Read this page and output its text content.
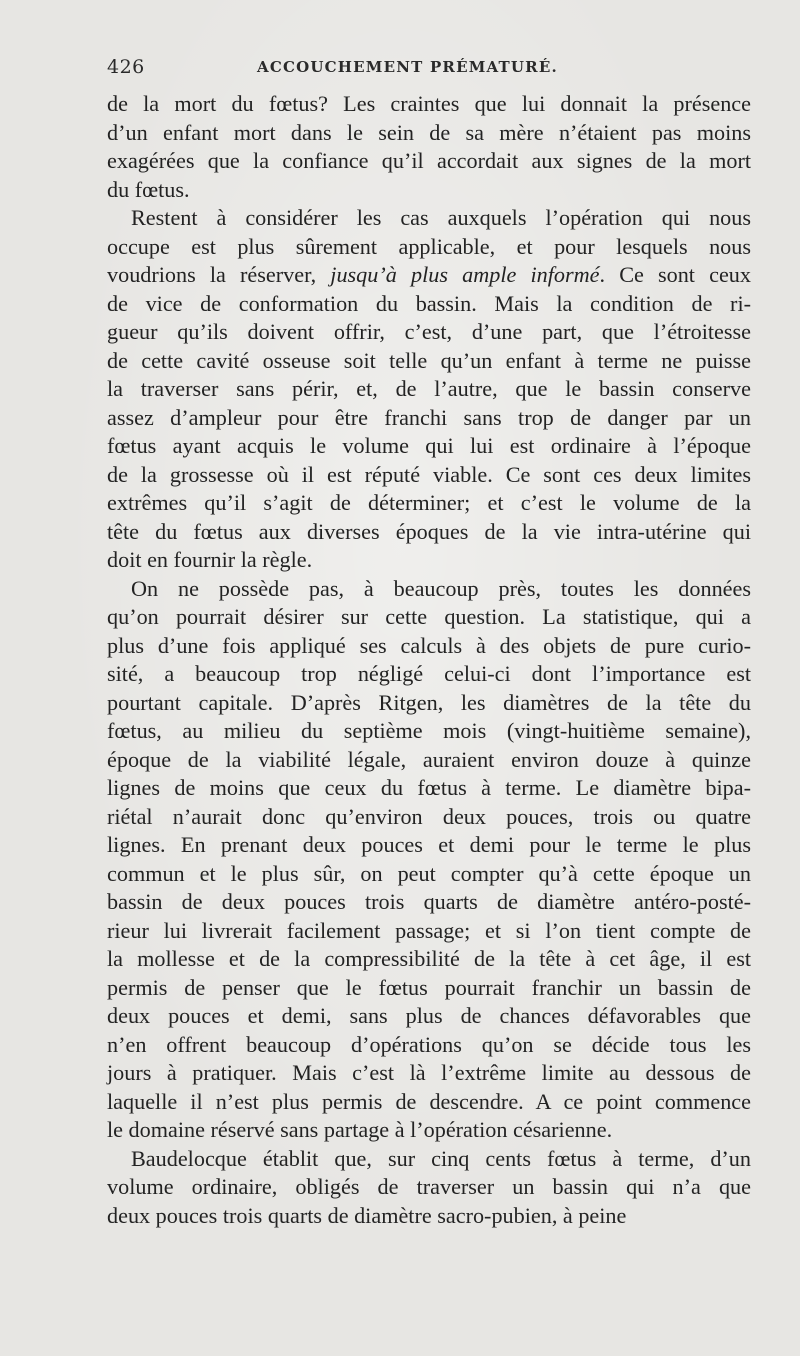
426	ACCOUCHEMENT PRÉMATURÉ.
de la mort du fœtus? Les craintes que lui donnait la présence
d’un enfant mort dans le sein de sa mère n’étaient pas moins
exagérées que la confiance qu’il accordait aux signes de la mort
du fœtus.
Restent à considérer les cas auxquels l’opération qui nous
occupe est plus sûrement applicable, et pour lesquels nous
voudrions la réserver, jusqu’à plus ample informé. Ce sont ceux
de vice de conformation du bassin. Mais la condition de ri-
gueur qu’ils doivent offrir, c’est, d’une part, que l’étroitesse
de cette cavité osseuse soit telle qu’un enfant à terme ne puisse
la traverser sans périr, et, de l’autre, que le bassin conserve
assez d’ampleur pour être franchi sans trop de danger par un
fœtus ayant acquis le volume qui lui est ordinaire à l’époque
de la grossesse où il est réputé viable. Ce sont ces deux limites
extrêmes qu’il s’agit de déterminer; et c’est le volume de la
tête du fœtus aux diverses époques de la vie intra-utérine qui
doit en fournir la règle.
On ne possède pas, à beaucoup près, toutes les données
qu’on pourrait désirer sur cette question. La statistique, qui a
plus d’une fois appliqué ses calculs à des objets de pure curio-
sité, a beaucoup trop négligé celui-ci dont l’importance est
pourtant capitale. D’après Ritgen, les diamètres de la tête du
fœtus, au milieu du septième mois (vingt-huitième semaine),
époque de la viabilité légale, auraient environ douze à quinze
lignes de moins que ceux du fœtus à terme. Le diamètre bipa-
riétal n’aurait donc qu’environ deux pouces, trois ou quatre
lignes. En prenant deux pouces et demi pour le terme le plus
commun et le plus sûr, on peut compter qu’à cette époque un
bassin de deux pouces trois quarts de diamètre antéro-posté-
rieur lui livrerait facilement passage; et si l’on tient compte de
la mollesse et de la compressibilité de la tête à cet âge, il est
permis de penser que le fœtus pourrait franchir un bassin de
deux pouces et demi, sans plus de chances défavorables que
n’en offrent beaucoup d’opérations qu’on se décide tous les
jours à pratiquer. Mais c’est là l’extrême limite au dessous de
laquelle il n’est plus permis de descendre. A ce point commence
le domaine réservé sans partage à l’opération césarienne.
Baudelocque établit que, sur cinq cents fœtus à terme, d’un
volume ordinaire, obligés de traverser un bassin qui n’a que
deux pouces trois quarts de diamètre sacro-pubien, à peine
